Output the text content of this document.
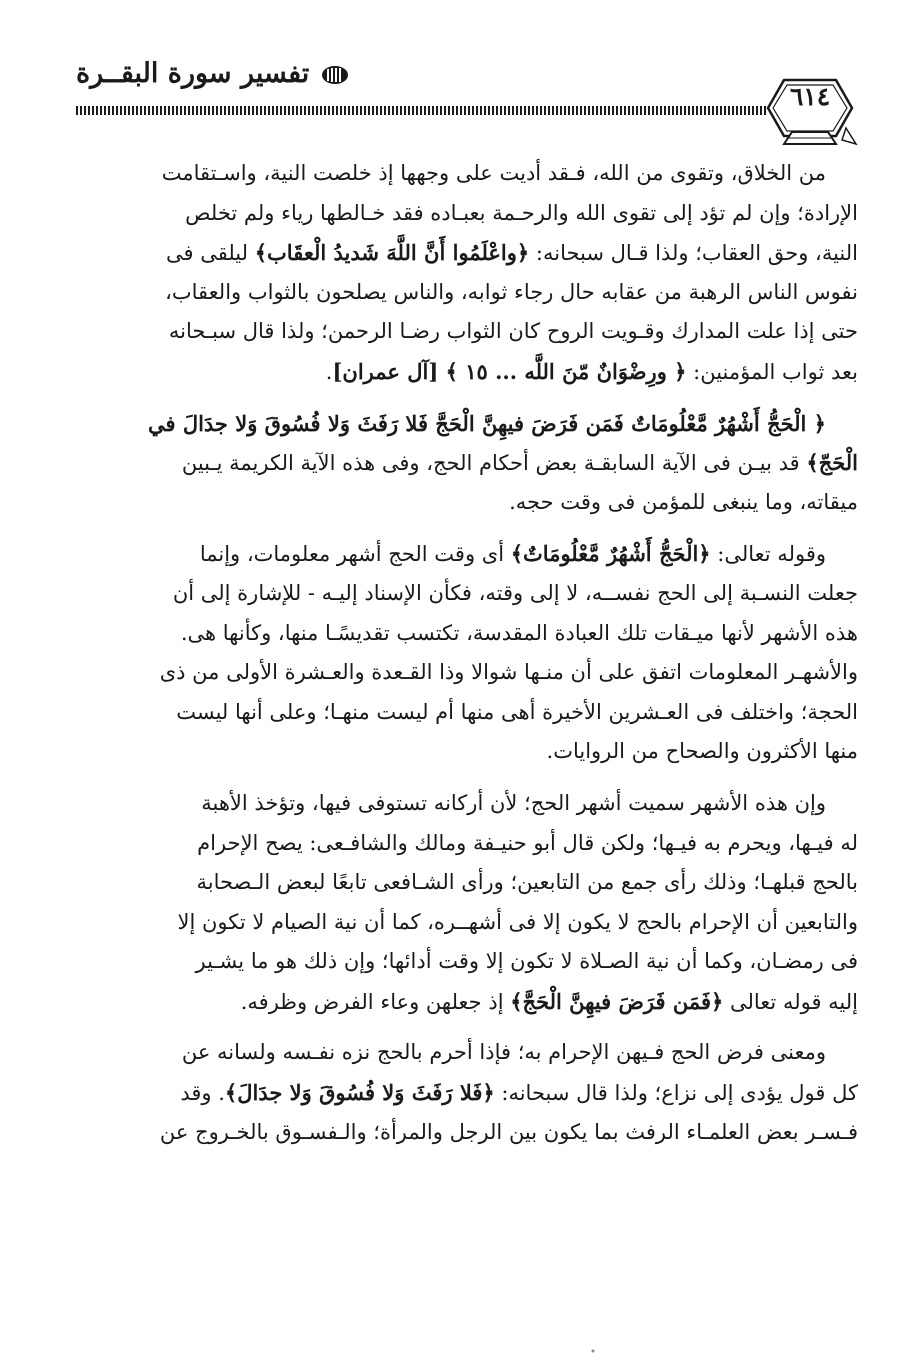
تفسير سورة البقــرة
٦١٤
من الخلاق، وتقوى من الله، فـقد أديت على وجهها إذ خلصت النية، واسـتقامت
الإرادة؛ وإن لم تؤد إلى تقوى الله والرحـمة بعبـاده فقد خـالطها رياء ولم تخلص
النية، وحق العقاب؛ ولذا قـال سبحانه: ﴿واعْلَمُوا أَنَّ اللَّهَ شَديدُ الْعقَاب﴾ ليلقى فى
نفوس الناس الرهبة من عقابه حال رجاء ثوابه، والناس يصلحون بالثواب والعقاب،
حتى إذا علت المدارك وقـويت الروح كان الثواب رضـا الرحمن؛ ولذا قال سبـحانه
بعد ثواب المؤمنين: ﴿ ورِضْوَانٌ مّنَ اللَّه ... ١٥ ﴾ [آل عمران].
﴿ الْحَجُّ أَشْهُرٌ مَّعْلُومَاتٌ فَمَن فَرَضَ فيهِنَّ الْحَجَّ فَلا رَفَثَ وَلا فُسُوقَ وَلا جدَالَ في
الْحَجّ﴾ قد بيـن فى الآية السابقـة بعض أحكام الحج، وفى هذه الآية الكريمة يـبين
ميقاته، وما ينبغى للمؤمن فى وقت حجه.
وقوله تعالى: ﴿الْحَجُّ أَشْهُرٌ مَّعْلُومَاتٌ﴾ أى وقت الحج أشهر معلومات، وإنما
جعلت النسـبة إلى الحج نفســه، لا إلى وقته، فكأن الإسناد إليـه - للإشارة إلى أن
هذه الأشهر لأنها ميـقات تلك العبادة المقدسة، تكتسب تقديسًـا منها، وكأنها هى.
والأشهـر المعلومات اتفق على أن منـها شوالا وذا القـعدة والعـشرة الأولى من ذى
الحجة؛ واختلف فى العـشرين الأخيرة أهى منها أم ليست منهـا؛ وعلى أنها ليست
منها الأكثرون والصحاح من الروايات.
وإن هذه الأشهر سميت أشهر الحج؛ لأن أركانه تستوفى فيها، وتؤخذ الأهبة
له فيـها، ويحرم به فيـها؛ ولكن قال أبو حنيـفة ومالك والشافـعى: يصح الإحرام
بالحج قبلهـا؛ وذلك رأى جمع من التابعين؛ ورأى الشـافعى تابعًا لبعض الـصحابة
والتابعين أن الإحرام بالحج لا يكون إلا فى أشهــره، كما أن نية الصيام لا تكون إلا
فى رمضـان، وكما أن نية الصـلاة لا تكون إلا وقت أدائها؛ وإن ذلك هو ما يشـير
إليه قوله تعالى ﴿فَمَن فَرَضَ فيهِنَّ الْحَجَّ﴾ إذ جعلهن وعاء الفرض وظرفه.
ومعنى فرض الحج فـيهن الإحرام به؛ فإذا أحرم بالحج نزه نفـسه ولسانه عن
كل قول يؤدى إلى نزاع؛ ولذا قال سبحانه: ﴿فَلا رَفَثَ وَلا فُسُوقَ وَلا جدَالَ﴾. وقد
فـسـر بعض العلمـاء الرفث بما يكون بين الرجل والمرأة؛ والـفسـوق بالخـروج عن
